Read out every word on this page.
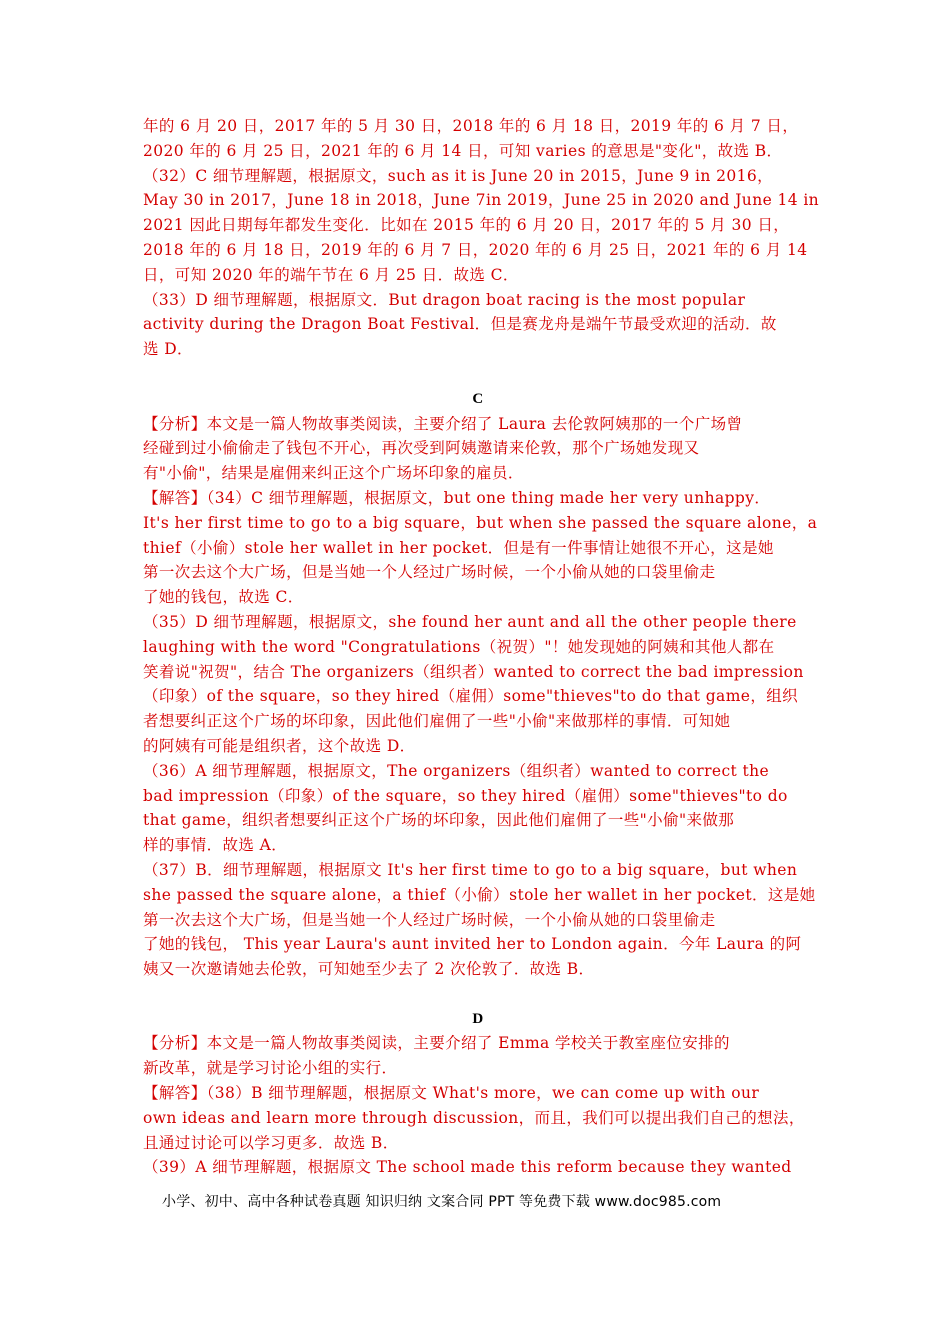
年的 6 月 20 日，2017 年的 5 月 30 日，2018 年的 6 月 18 日，2019 年的 6 月 7 日，
2020 年的 6 月 25 日，2021 年的 6 月 14 日，可知 varies 的意思是"变化"，故选 B．
（32）C 细节理解题，根据原文，such as it is June 20 in 2015，June 9 in 2016，
May 30 in 2017，June 18 in 2018，June 7in 2019，June 25 in 2020 and June 14 in
2021 因此日期每年都发生变化．比如在 2015 年的 6 月 20 日，2017 年的 5 月 30 日，
2018 年的 6 月 18 日，2019 年的 6 月 7 日，2020 年的 6 月 25 日，2021 年的 6 月 14
日，可知 2020 年的端午节在 6 月 25 日．故选 C．
（33）D 细节理解题，根据原文．But dragon boat racing is the most popular
activity during the Dragon Boat Festival．但是赛龙舟是端午节最受欢迎的活动．故
选 D．
C
【分析】本文是一篇人物故事类阅读，主要介绍了 Laura 去伦敦阿姨那的一个广场曾
经碰到过小偷偷走了钱包不开心，再次受到阿姨邀请来伦敦，那个广场她发现又
有"小偷"，结果是雇佣来纠正这个广场坏印象的雇员．
【解答】（34）C 细节理解题，根据原文，but one thing made her very unhappy．
It's her first time to go to a big square，but when she passed the square alone，a
thief（小偷）stole her wallet in her pocket．但是有一件事情让她很不开心，这是她
第一次去这个大广场，但是当她一个人经过广场时候，一个小偷从她的口袋里偷走
了她的钱包，故选 C．
（35）D 细节理解题，根据原文，she found her aunt and all the other people there
laughing with the word "Congratulations（祝贺）"！她发现她的阿姨和其他人都在
笑着说"祝贺"，结合 The organizers（组织者）wanted to correct the bad impression
（印象）of the square，so they hired（雇佣）some"thieves"to do that game，组织
者想要纠正这个广场的坏印象，因此他们雇佣了一些"小偷"来做那样的事情．可知她
的阿姨有可能是组织者，这个故选 D．
（36）A 细节理解题，根据原文，The organizers（组织者）wanted to correct the
bad impression（印象）of the square，so they hired（雇佣）some"thieves"to do
that game，组织者想要纠正这个广场的坏印象，因此他们雇佣了一些"小偷"来做那
样的事情．故选 A．
（37）B．细节理解题，根据原文 It's her first time to go to a big square，but when
she passed the square alone，a thief（小偷）stole her wallet in her pocket．这是她
第一次去这个大广场，但是当她一个人经过广场时候，一个小偷从她的口袋里偷走
了她的钱包， This year Laura's aunt invited her to London again．今年 Laura 的阿
姨又一次邀请她去伦敦，可知她至少去了 2 次伦敦了．故选 B．
D
【分析】本文是一篇人物故事类阅读，主要介绍了 Emma 学校关于教室座位安排的
新改革，就是学习讨论小组的实行．
【解答】（38）B 细节理解题，根据原文 What's more，we can come up with our
own ideas and learn more through discussion，而且，我们可以提出我们自己的想法，
且通过讨论可以学习更多．故选 B．
（39）A 细节理解题，根据原文 The school made this reform because they wanted
小学、初中、高中各种试卷真题 知识归纳 文案合同 PPT 等免费下载 www.doc985.com
